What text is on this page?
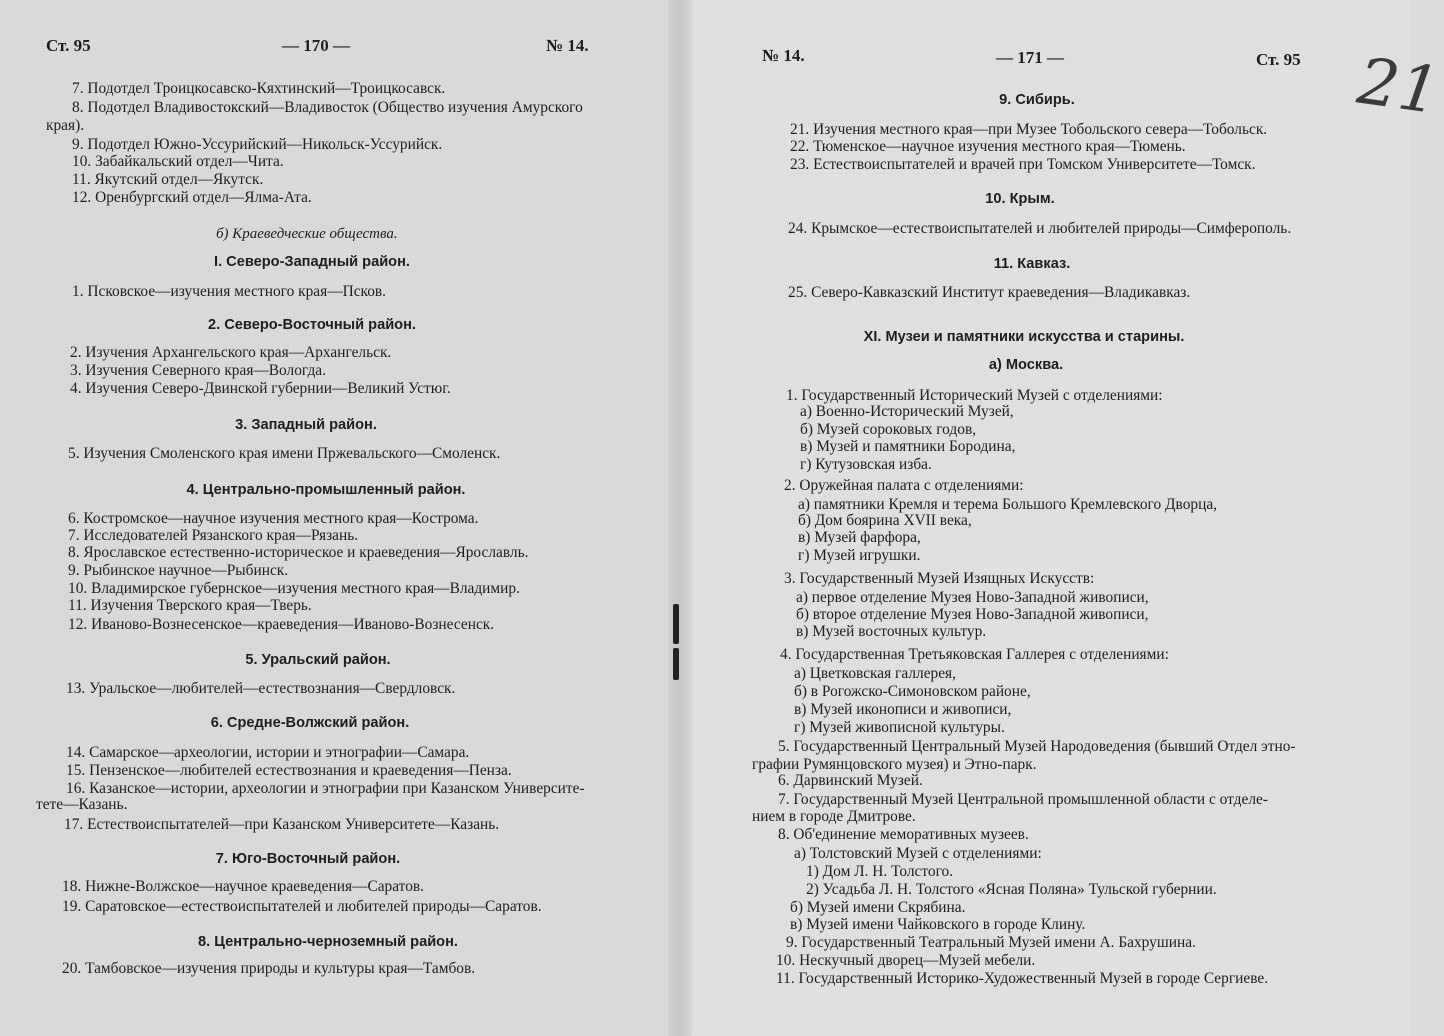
Ст. 95	— 170 —	№ 14.
7. Подотдел Троицкосавско-Кяхтинский—Троицкосавск.
8. Подотдел Владивостокский—Владивосток (Общество изучения Амурского
края).
9. Подотдел Южно-Уссурийский—Никольск-Уссурийск.
10. Забайкальский отдел—Чита.
11. Якутский отдел—Якутск.
12. Оренбургский отдел—Ялма-Ата.
б) Краеведческие общества.
I. Северо-Западный район.
1. Псковское—изучения местного края—Псков.
2. Северо-Восточный район.
2. Изучения Архангельского края—Архангельск.
3. Изучения Северного края—Вологда.
4. Изучения Северо-Двинской губернии—Великий Устюг.
3. Западный район.
5. Изучения Смоленского края имени Пржевальского—Смоленск.
4. Центрально-промышленный район.
6. Костромское—научное изучения местного края—Кострома.
7. Исследователей Рязанского края—Рязань.
8. Ярославское естественно-историческое и краеведения—Ярославль.
9. Рыбинское научное—Рыбинск.
10. Владимирское губернское—изучения местного края—Владимир.
11. Изучения Тверского края—Тверь.
12. Иваново-Вознесенское—краеведения—Иваново-Вознесенск.
5. Уральский район.
13. Уральское—любителей—естествознания—Свердловск.
6. Средне-Волжский район.
14. Самарское—археологии, истории и этнографии—Самара.
15. Пензенское—любителей естествознания и краеведения—Пенза.
16. Казанское—истории, археологии и этнографии при Казанском Университе-
тете—Казань.
17. Естествоиспытателей—при Казанском Университете—Казань.
7. Юго-Восточный район.
18. Нижне-Волжское—научное краеведения—Саратов.
19. Саратовское—естествоиспытателей и любителей природы—Саратов.
8. Центрально-черноземный район.
20. Тамбовское—изучения природы и культуры края—Тамбов.
№ 14.	— 171 —	Ст. 95
9. Сибирь.
21. Изучения местного края—при Музее Тобольского севера—Тобольск.
22. Тюменское—научное изучения местного края—Тюмень.
23. Естествоиспытателей и врачей при Томском Университете—Томск.
10. Крым.
24. Крымское—естествоиспытателей и любителей природы—Симферополь.
11. Кавказ.
25. Северо-Кавказский Институт краеведения—Владикавказ.
XI. Музеи и памятники искусства и старины.
а) Москва.
1. Государственный Исторический Музей с отделениями:
а) Военно-Исторический Музей,
б) Музей сороковых годов,
в) Музей и памятники Бородина,
г) Кутузовская изба.
2. Оружейная палата с отделениями:
а) памятники Кремля и терема Большого Кремлевского Дворца,
б) Дом боярина XVII века,
в) Музей фарфора,
г) Музей игрушки.
3. Государственный Музей Изящных Искусств:
а) первое отделение Музея Ново-Западной живописи,
б) второе отделение Музея Ново-Западной живописи,
в) Музей восточных культур.
4. Государственная Третьяковская Галлерея с отделениями:
а) Цветковская галлерея,
б) в Рогожско-Симоновском районе,
в) Музей иконописи и живописи,
г) Музей живописной культуры.
5. Государственный Центральный Музей Народоведения (бывший Отдел этно-
графии Румянцовского музея) и Этно-парк.
6. Дарвинский Музей.
7. Государственный Музей Центральной промышленной области с отделе-
нием в городе Дмитрове.
8. Об'единение меморативных музеев.
а) Толстовский Музей с отделениями:
1) Дом Л. Н. Толстого.
2) Усадьба Л. Н. Толстого «Ясная Поляна» Тульской губернии.
б) Музей имени Скрябина.
в) Музей имени Чайковского в городе Клину.
9. Государственный Театральный Музей имени А. Бахрушина.
10. Нескучный дворец—Музей мебели.
11. Государственный Историко-Художественный Музей в городе Сергиеве.
21
